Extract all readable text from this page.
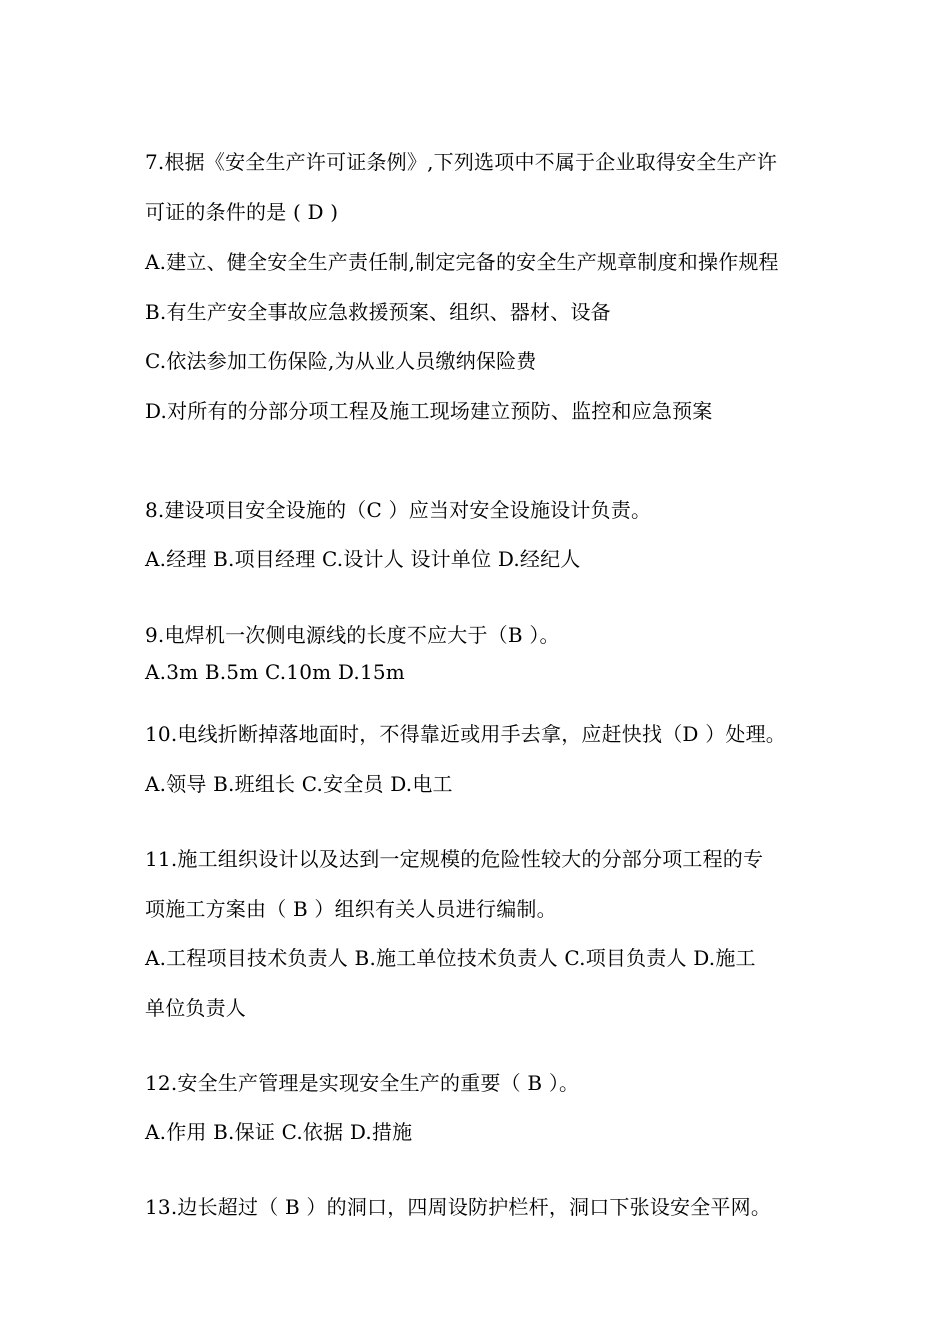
7.根据《安全生产许可证条例》,下列选项中不属于企业取得安全生产许
可证的条件的是 ( D )
A.建立、健全安全生产责任制,制定完备的安全生产规章制度和操作规程
B.有生产安全事故应急救援预案、组织、器材、设备
C.依法参加工伤保险,为从业人员缴纳保险费
D.对所有的分部分项工程及施工现场建立预防、监控和应急预案
8.建设项目安全设施的（C ）应当对安全设施设计负责。
A.经理 B.项目经理 C.设计人 设计单位 D.经纪人
9.电焊机一次侧电源线的长度不应大于（B ）。
A.3m B.5m C.10m D.15m
10.电线折断掉落地面时，不得靠近或用手去拿，应赶快找（D ）处理。
A.领导 B.班组长 C.安全员 D.电工
11.施工组织设计以及达到一定规模的危险性较大的分部分项工程的专
项施工方案由（ B ）组织有关人员进行编制。
A.工程项目技术负责人 B.施工单位技术负责人 C.项目负责人 D.施工
单位负责人
12.安全生产管理是实现安全生产的重要（ B ）。
A.作用 B.保证 C.依据 D.措施
13.边长超过（ B ）的洞口，四周设防护栏杆，洞口下张设安全平网。
